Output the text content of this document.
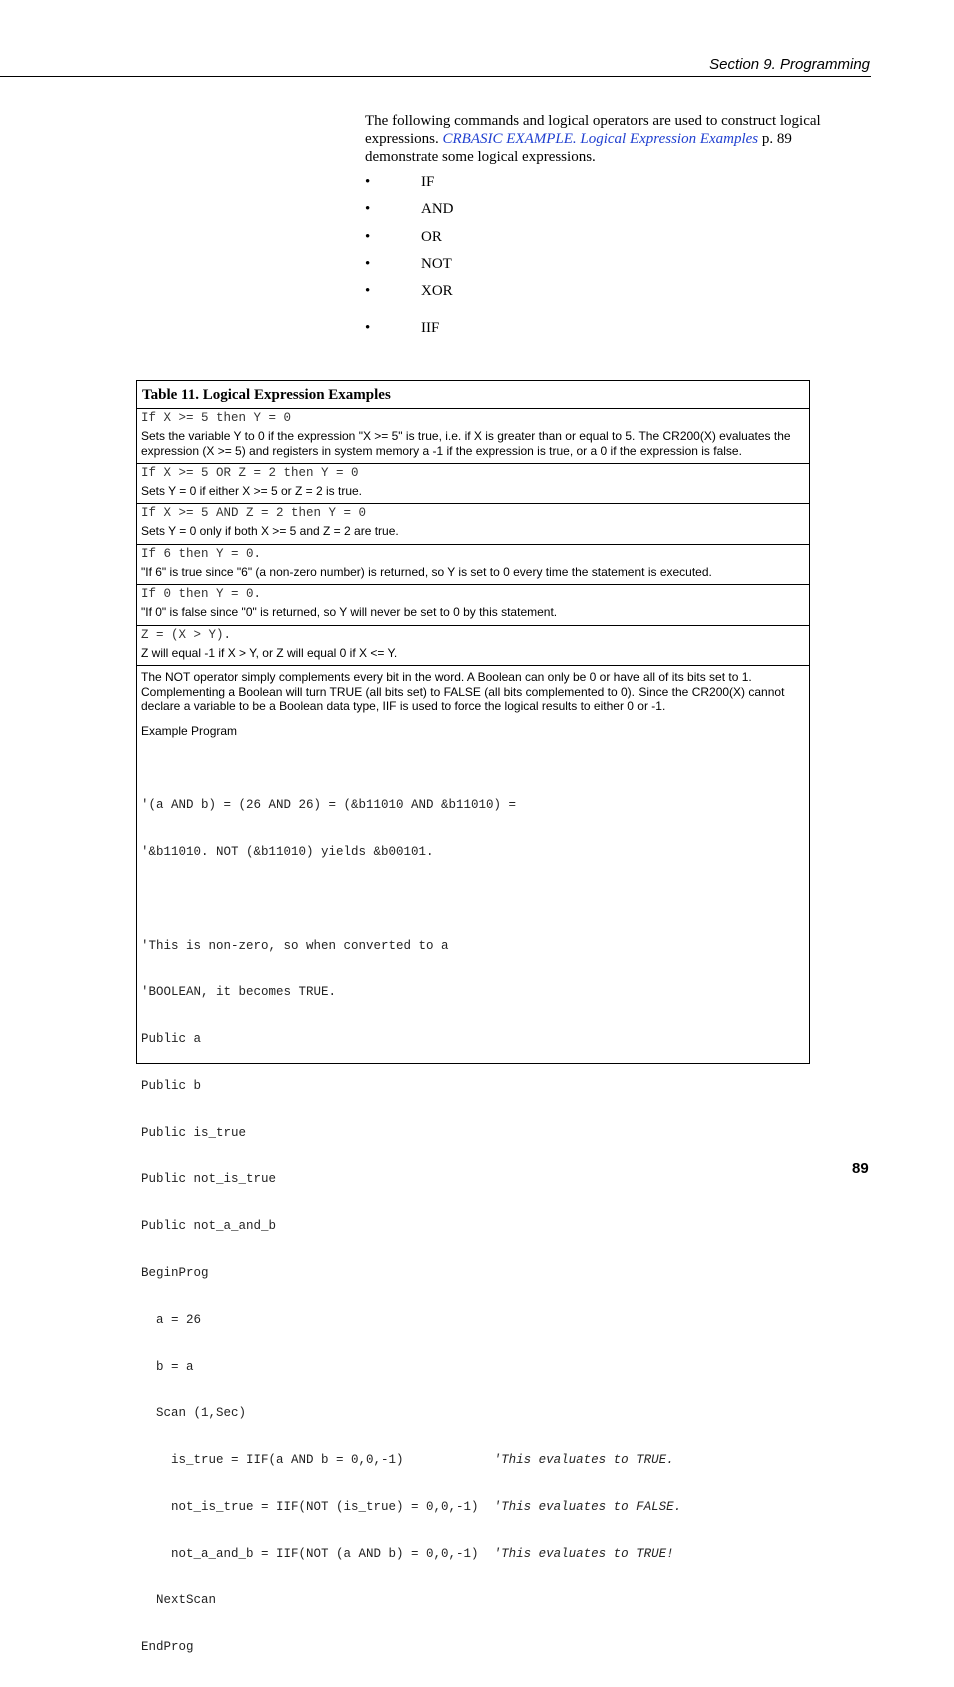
Section 9. Programming
The following commands and logical operators are used to construct logical expressions. CRBASIC EXAMPLE. Logical Expression Examples p. 89 demonstrate some logical expressions.
•	IF
•	AND
•	OR
•	NOT
•	XOR
•	IIF
Table 11. Logical Expression Examples
If X >= 5 then Y = 0
Sets the variable Y to 0 if the expression "X >= 5" is true, i.e. if X is greater than or equal to 5. The CR200(X) evaluates the expression (X >= 5) and registers in system memory a -1 if the expression is true, or a 0 if the expression is false.
If X >= 5 OR Z = 2 then Y = 0
Sets Y = 0 if either X >= 5 or Z = 2 is true.
If X >= 5 AND Z = 2 then Y = 0
Sets Y = 0 only if both X >= 5 and Z = 2 are true.
If 6 then Y = 0.
"If 6" is true since "6" (a non-zero number) is returned, so Y is set to 0 every time the statement is executed.
If 0 then Y = 0.
"If 0" is false since "0" is returned, so Y will never be set to 0 by this statement.
Z = (X > Y).
Z will equal -1 if X > Y, or Z will equal 0 if X <= Y.
The NOT operator simply complements every bit in the word. A Boolean can only be 0 or have all of its bits set to 1. Complementing a Boolean will turn TRUE (all bits set) to FALSE (all bits complemented to 0). Since the CR200(X) cannot declare a variable to be a Boolean data type, IIF is used to force the logical results to either 0 or -1.
Example Program

'(a AND b) = (26 AND 26) = (&b11010 AND &b11010) =

'&b11010. NOT (&b11010) yields &b00101.

'This is non-zero, so when converted to a

'BOOLEAN, it becomes TRUE.

Public a

Public b

Public is_true

Public not_is_true

Public not_a_and_b

BeginProg

a = 26

b = a

Scan (1,Sec)

is_true = IIF(a AND b = 0,0,-1)            'This evaluates to TRUE.

not_is_true = IIF(NOT (is_true) = 0,0,-1)  'This evaluates to FALSE.

not_a_and_b = IIF(NOT (a AND b) = 0,0,-1)  'This evaluates to TRUE!

NextScan

EndProg

89
